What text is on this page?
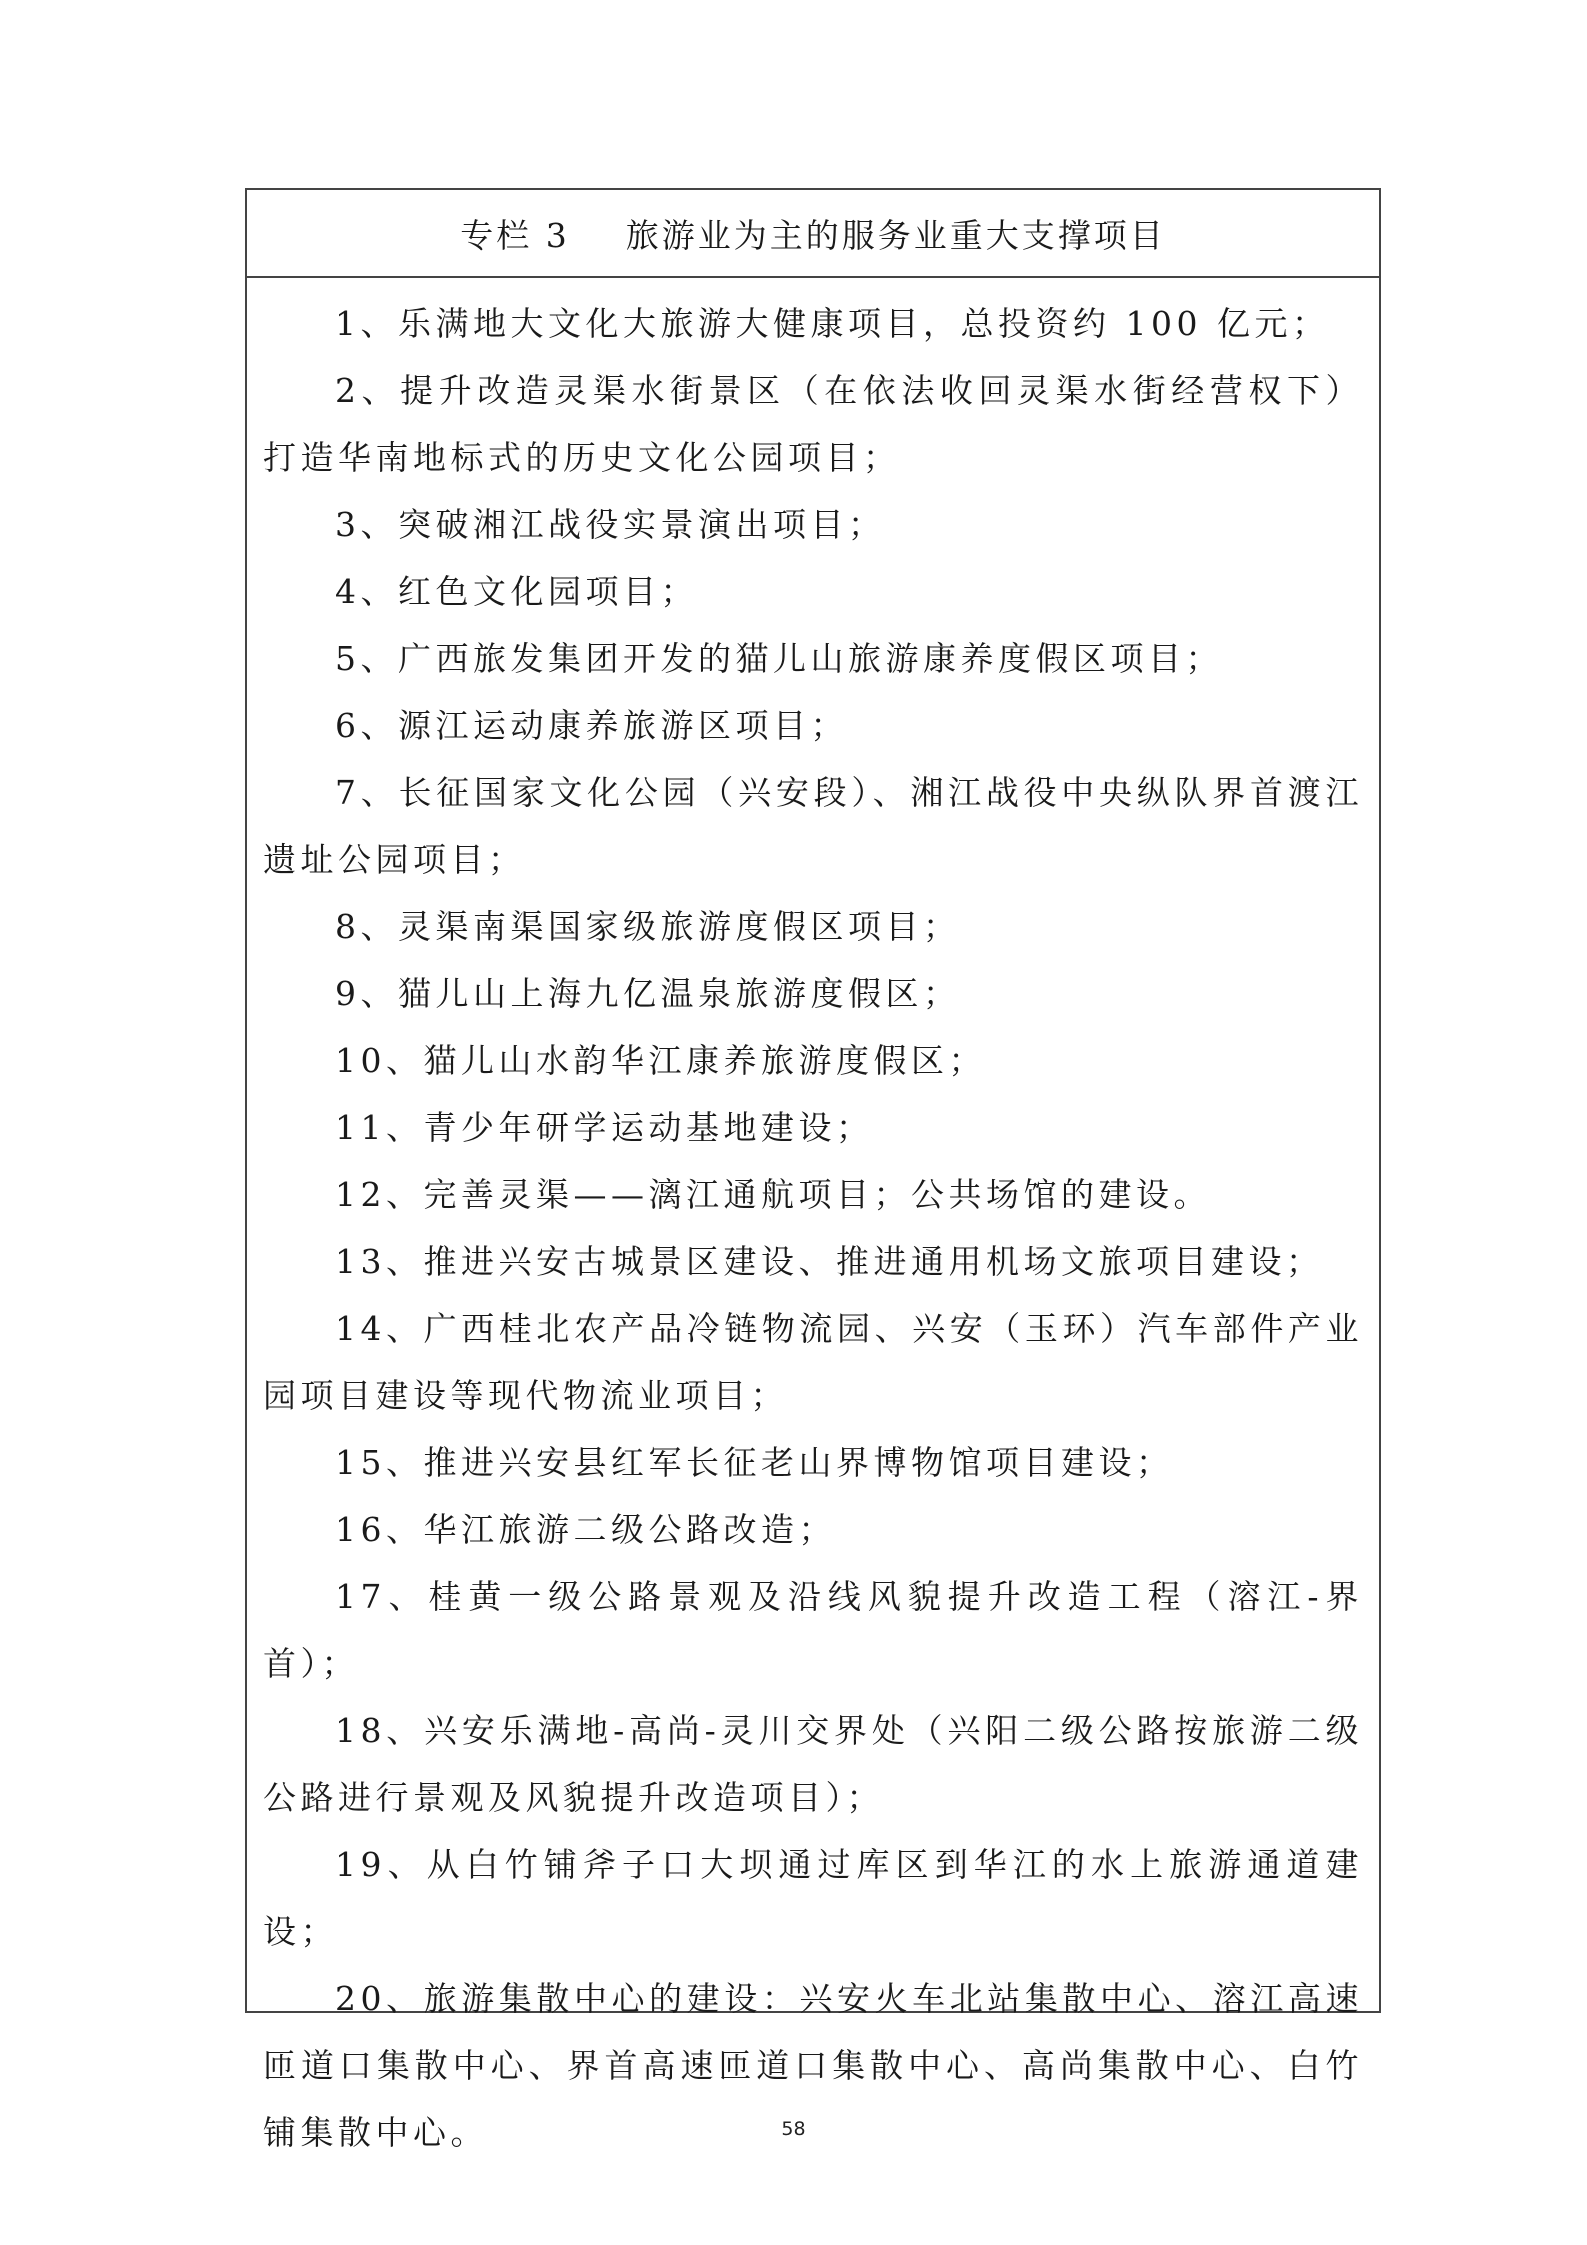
专栏 3 旅游业为主的服务业重大支撑项目

1、乐满地大文化大旅游大健康项目，总投资约 100 亿元；

2、提升改造灵渠水街景区（在依法收回灵渠水街经营权下）打造华南地标式的历史文化公园项目；

3、突破湘江战役实景演出项目；

4、红色文化园项目；

5、广西旅发集团开发的猫儿山旅游康养度假区项目；

6、源江运动康养旅游区项目；

7、长征国家文化公园（兴安段）、湘江战役中央纵队界首渡江遗址公园项目；

8、灵渠南渠国家级旅游度假区项目；

9、猫儿山上海九亿温泉旅游度假区；

10、猫儿山水韵华江康养旅游度假区；

11、青少年研学运动基地建设；

12、完善灵渠——漓江通航项目；公共场馆的建设。

13、推进兴安古城景区建设、推进通用机场文旅项目建设；

14、广西桂北农产品冷链物流园、兴安（玉环）汽车部件产业园项目建设等现代物流业项目；

15、推进兴安县红军长征老山界博物馆项目建设；

16、华江旅游二级公路改造；

17、桂黄一级公路景观及沿线风貌提升改造工程（溶江-界首）；

18、兴安乐满地-高尚-灵川交界处（兴阳二级公路按旅游二级公路进行景观及风貌提升改造项目）；

19、从白竹铺斧子口大坝通过库区到华江的水上旅游通道建设；

20、旅游集散中心的建设：兴安火车北站集散中心、溶江高速匝道口集散中心、界首高速匝道口集散中心、高尚集散中心、白竹铺集散中心。	58
